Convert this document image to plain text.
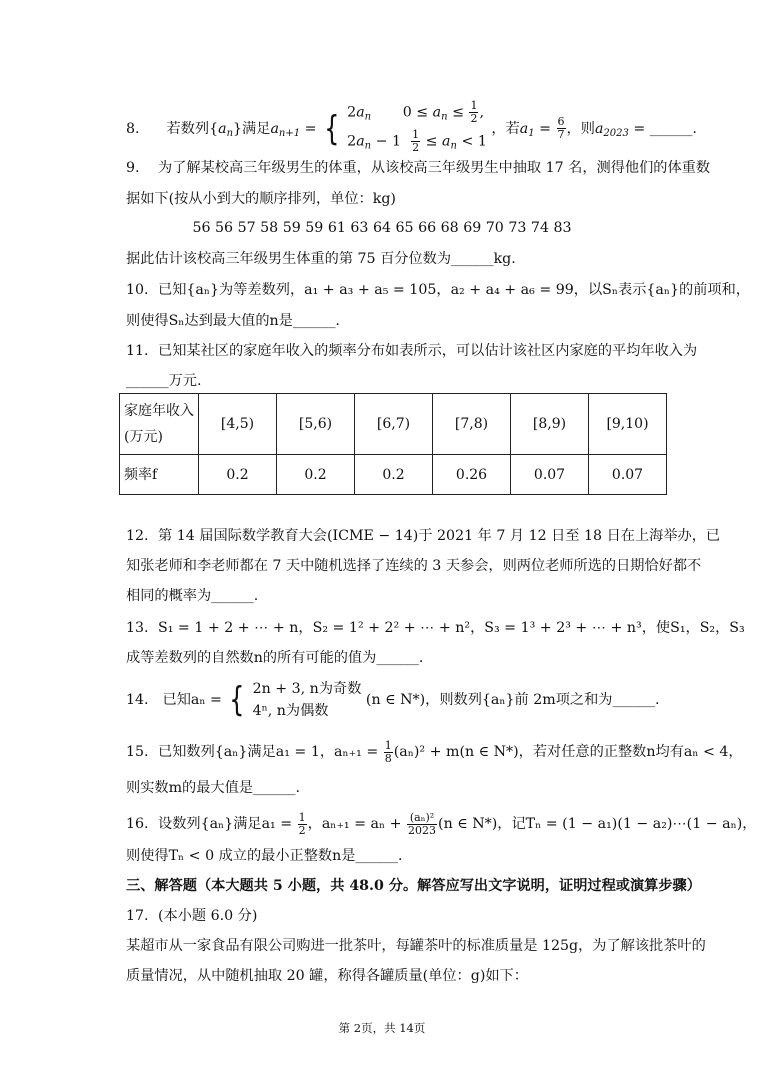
8. 若数列$\{a_n\}$满足$a_{n+1}$ = { $2a_n$       $0 \le a_n \le \frac{1}{2}$ ,
$2a_n - 1 \frac{1}{2} \le a_n < 1$
，若$a_1 = \frac{6}{7}$ ，则$a_{2023}$ = ______.
9. 为了解某校高三年级男生的体重，从该校高三年级男生中抽取 17 名，测得他们的体重数
据如下(按从小到大的顺序排列，单位：kg)
56 56 57 58 59 59 61 63 64 65 66 68 69 70 73 74 83
据此估计该校高三年级男生体重的第 75 百分位数为______kg.
10. 已知{aₙ}为等差数列，a₁ + a₃ + a₅ = 105，a₂ + a₄ + a₆ = 99，以Sₙ表示{aₙ}的前项和，
则使得Sₙ达到最大值的n是______.
11. 已知某社区的家庭年收入的频率分布如表所示，可以估计该社区内家庭的平均年收入为
______万元.
家庭年收入
(万元)	[4,5)	[5,6)	[6,7)	[7,8)	[8,9)	[9,10)
频率f	0.2	0.2	0.2	0.26	0.07	0.07
12. 第 14 届国际数学教育大会(ICME − 14)于 2021 年 7 月 12 日至 18 日在上海举办，已
知张老师和李老师都在 7 天中随机选择了连续的 3 天参会，则两位老师所选的日期恰好都不
相同的概率为______.
13. S₁ = 1 + 2 + ⋯ + n，S₂ = 1² + 2² + ⋯ + n²，S₃ = 1³ + 2³ + ⋯ + n³，使S₁，S₂，S₃
成等差数列的自然数n的所有可能的值为______.
14. 已知aₙ = { 2n + 3, n为奇数
4ⁿ, n为偶数
(n ∈ N*)，则数列{aₙ}前 2m项之和为______.
15. 已知数列{aₙ}满足a₁ = 1，$a_{n+1} = \frac{1}{8} (a_n)^2 + m(n$ ∈ N*)，若对任意的正整数n均有aₙ < 4，
则实数m的最大值是______.
16. 设数列{aₙ}满足$a_1 = \frac{1}{2}$ ，$a_{n+1} = a_n + \frac{\text{(aₙ)²}}{2023} (n$ ∈ N*)，记Tₙ = (1 − a₁)(1 − a₂)⋯(1 − aₙ)，
则使得Tₙ < 0 成立的最小正整数n是______.
三、解答题（本大题共 5 小题，共 48.0 分。解答应写出文字说明，证明过程或演算步骤）
17. (本小题 6.0 分)
某超市从一家食品有限公司购进一批茶叶，每罐茶叶的标准质量是 125g，为了解该批茶叶的
质量情况，从中随机抽取 20 罐，称得各罐质量(单位：g)如下：
第 2页，共 14页
